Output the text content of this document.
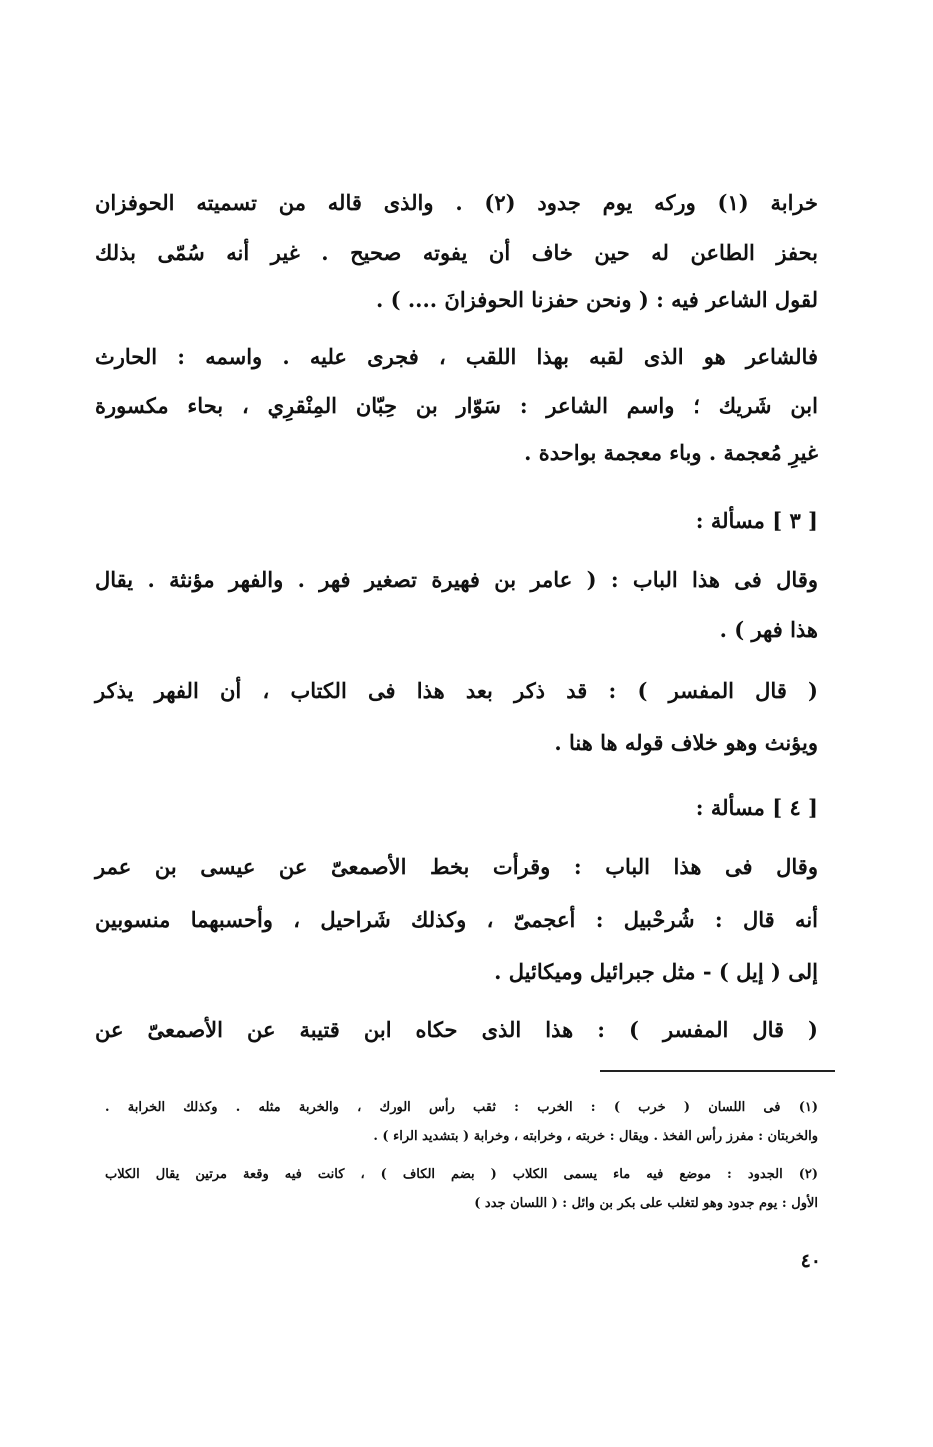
خرابة (١) وركه يوم جدود (٢) . والذى قاله من تسميته الحوفزان
بحفز الطاعن له حين خاف أن يفوته صحيح . غير أنه سُمّى بذلك
لقول الشاعر فيه : ( ونحن حفزنا الحوفزانَ .... ) .
فالشاعر هو الذى لقبه بهذا اللقب ، فجرى عليه . واسمه : الحارث
ابن شَريك ؛ واسم الشاعر : سَوّار بن حِبّان المِنْقرِي ، بحاء مكسورة
غيرِ مُعجمة . وباء معجمة بواحدة .
[ ٣ ] مسألة :
وقال فى هذا الباب : ( عامر بن فهيرة تصغير فهر . والفهر مؤنثة . يقال
هذا فهر ) .
( قال المفسر ) : قد ذكر بعد هذا فى الكتاب ، أن الفهر يذكر
ويؤنث وهو خلاف قوله ها هنا .
[ ٤ ] مسألة :
وقال فى هذا الباب : وقرأت بخط الأصمعىّ عن عيسى بن عمر
أنه قال : شُرحْبيل : أعجمىّ ، وكذلك شَراحيل ، وأحسبهما منسوبين
إلى ( إيل ) - مثل جبرائيل وميكائيل .
( قال المفسر ) : هذا الذى حكاه ابن قتيبة عن الأصمعىّ عن
(١) فى اللسان ( خرب ) : الخرب : ثقب رأس الورك ، والخربة مثله . وكذلك الخرابة .
والخربتان : مفرز رأس الفخذ . ويقال : خربته ، وخرابته ، وخرابة ( بتشديد الراء ) .
(٢) الجدود : موضع فيه ماء يسمى الكلاب ( بضم الكاف ) ، كانت فيه وقعة مرتين يقال الكلاب
الأول : يوم جدود وهو لتغلب على بكر بن وائل : ( اللسان جدد )
٤٠
